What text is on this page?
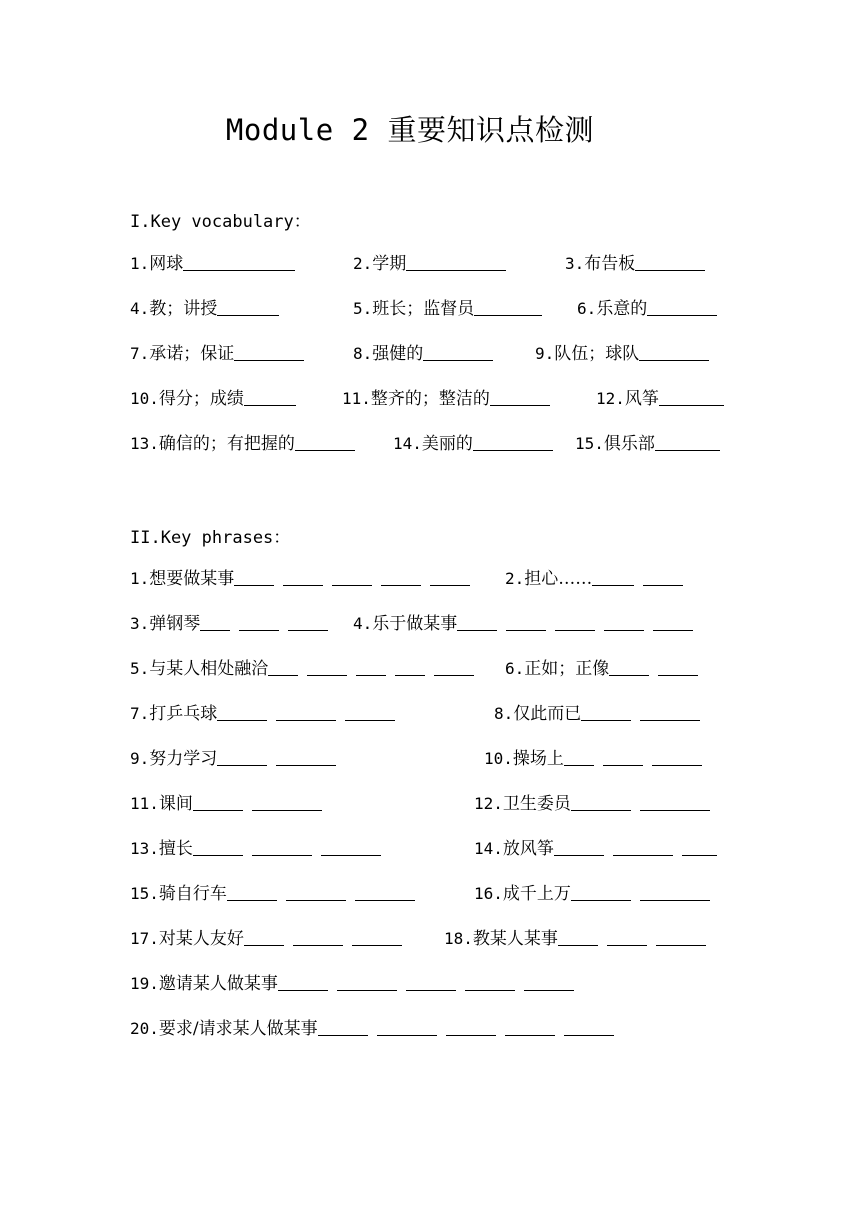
Module 2 重要知识点检测
I.Key vocabulary：
1.网球	2.学期	3.布告板
4.教；讲授	5.班长；监督员	6.乐意的
7.承诺；保证	8.强健的	9.队伍；球队
10.得分；成绩	11.整齐的；整洁的	12.风筝
13.确信的；有把握的	14.美丽的	15.俱乐部
II.Key phrases：
1.想要做某事	2.担心……
3.弹钢琴	4.乐于做某事
5.与某人相处融洽	6.正如；正像
7.打乒乓球	8.仅此而已
9.努力学习	10.操场上
11.课间	12.卫生委员
13.擅长	14.放风筝
15.骑自行车	16.成千上万
17.对某人友好	18.教某人某事
19.邀请某人做某事
20.要求/请求某人做某事
